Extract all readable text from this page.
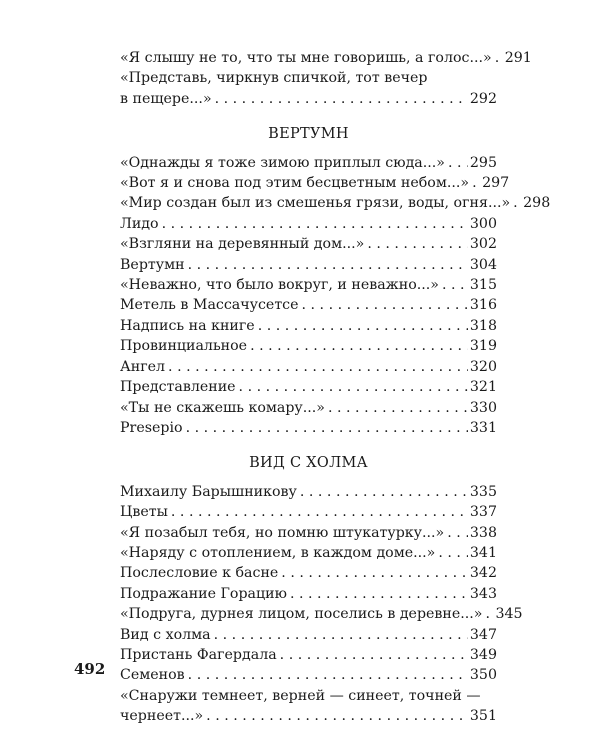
«Я слышу не то, что ты мне говоришь, а голос...» . . . 291
«Представь, чиркнув спичкой, тот вечер
в пещере...» . . .	292
ВЕРТУМН
«Однажды я тоже зимою приплыл сюда...» . . . 295
«Вот я и снова под этим бесцветным небом...» . . . 297
«Мир создан был из смешенья грязи, воды, огня...» . . . 298
Лидо . . .	300
«Взгляни на деревянный дом...» . . .	302
Вертумн . . .	304
«Неважно, что было вокруг, и неважно...» . . . 315
Метель в Массачусетсе . . .	316
Надпись на книге . . .	318
Провинциальное . . .	319
Ангел . . .	320
Представление . . .	321
«Ты не скажешь комару...» . . .	330
Presepio . . .	331
ВИД С ХОЛМА
Михаилу Барышникову . . .	335
Цветы . . .	337
«Я позабыл тебя, но помню штукатурку...» . . . 338
«Наряду с отоплением, в каждом доме...» . . . 341
Послесловие к басне . . .	342
Подражание Горацию . . .	343
«Подруга, дурнея лицом, поселись в деревне...» . . . 345
Вид с холма . . .	347
Пристань Фагердала . . .	349
Семенов . . .	350
«Снаружи темнеет, верней — синеет, точней —
чернеет...» . . .	351
492
